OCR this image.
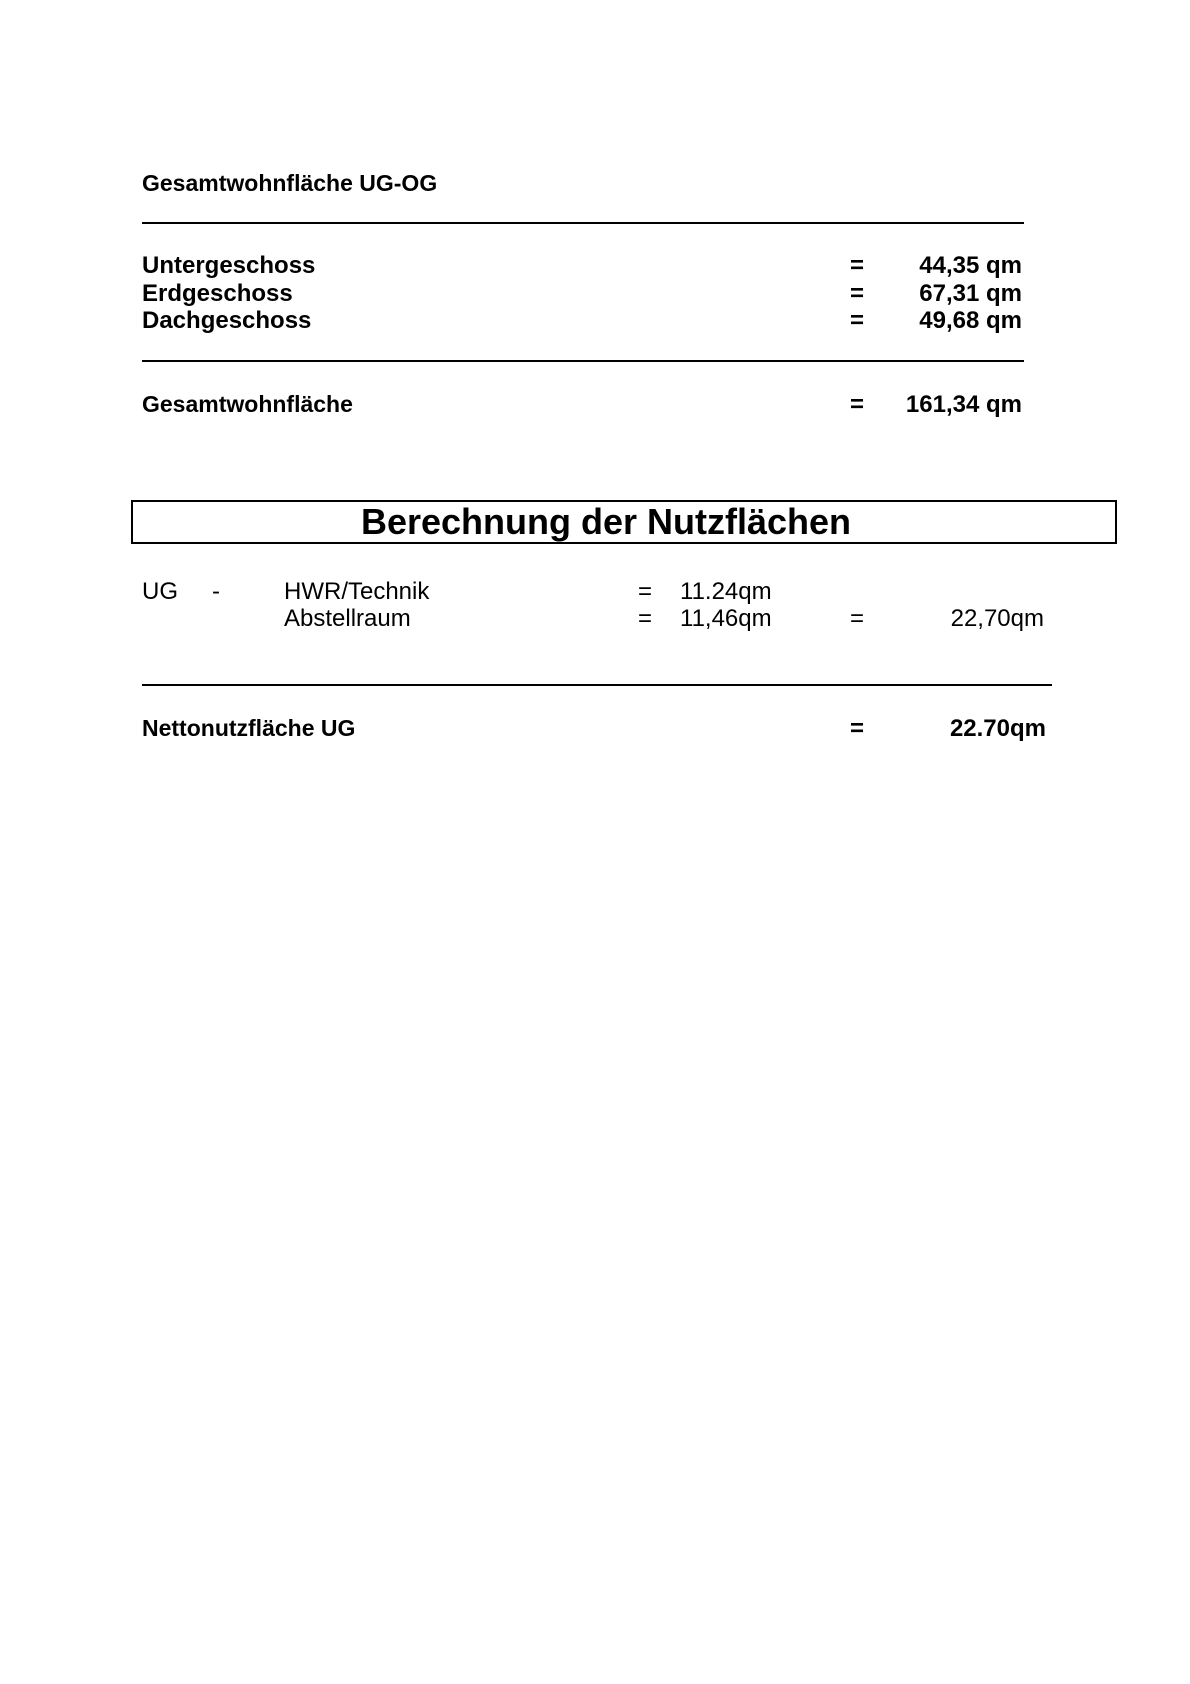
Gesamtwohnfläche UG-OG
Untergeschoss	=	44,35 qm
Erdgeschoss	=	67,31 qm
Dachgeschoss	=	49,68 qm
Gesamtwohnfläche	=	161,34 qm
Berechnung der Nutzflächen
UG -	HWR/Technik	= 11.24qm
Abstellraum	= 11,46qm	=	22,70qm
Nettonutzfläche UG	=	22.70qm
